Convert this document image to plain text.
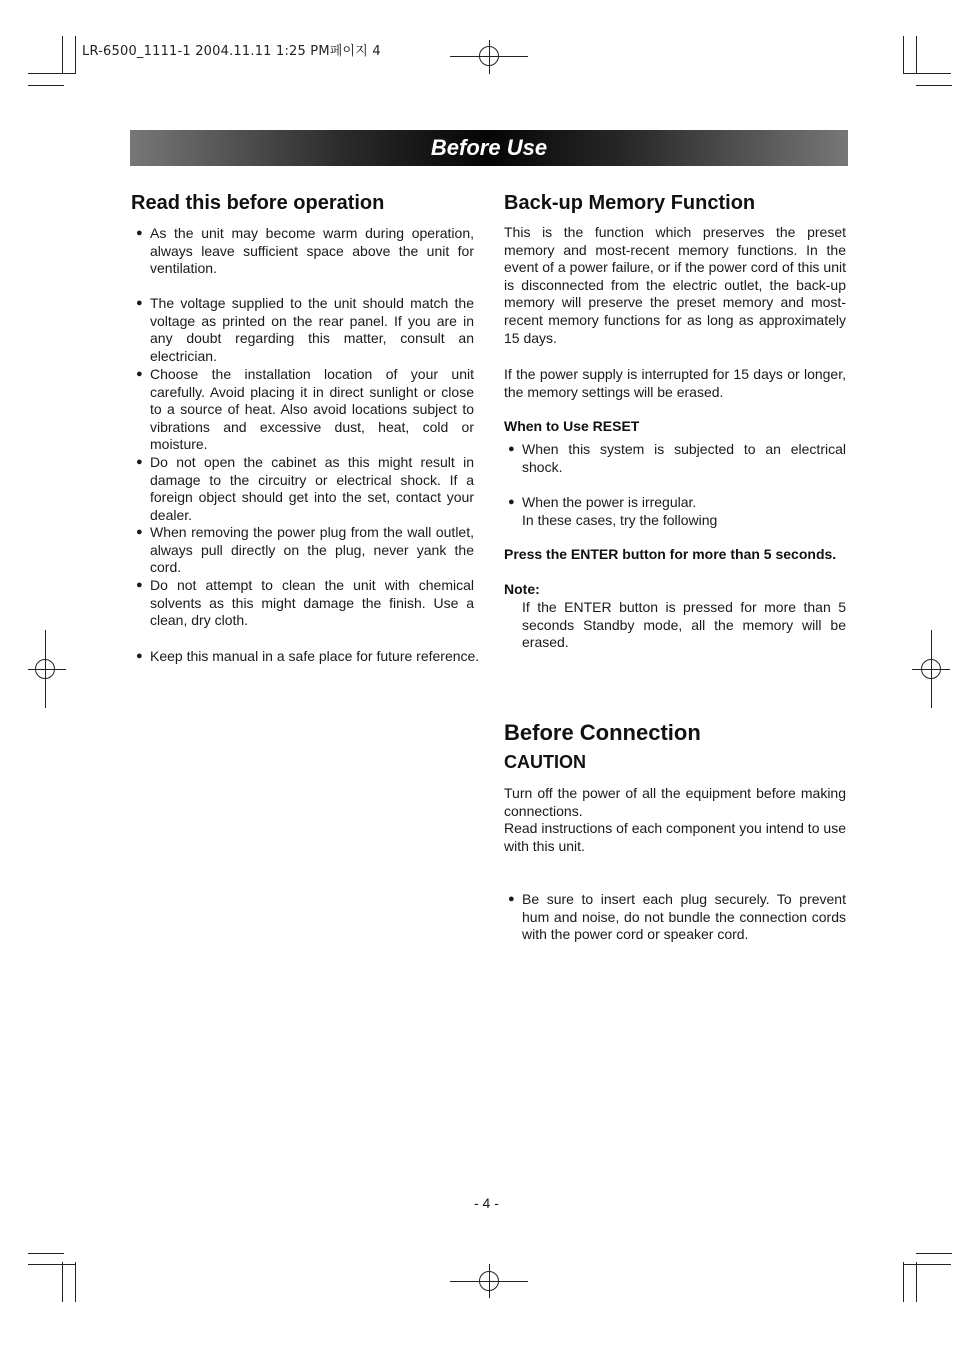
LR-6500_1111-1 2004.11.11 1:25 PM페이지 4
Before Use
Read this before operation
● As the unit may become warm during operation, always leave sufficient space above the unit for ventilation.
● The voltage supplied to the unit should match the voltage as printed on the rear panel. If you are in any doubt regarding this matter, consult an electrician.
● Choose the installation location of your unit carefully. Avoid placing it in direct sunlight or close to a source of heat. Also avoid locations subject to vibrations and excessive dust, heat, cold or moisture.
● Do not open the cabinet as this might result in damage to the circuitry or electrical shock. If a foreign object should get into the set, contact your dealer.
● When removing the power plug from the wall outlet, always pull directly on the plug, never yank the cord.
● Do not attempt to clean the unit with chemical solvents as this might damage the finish. Use a clean, dry cloth.
● Keep this manual in a safe place for future reference.
Back-up Memory Function
This is the function which preserves the preset memory and most-recent memory functions. In the event of a power failure, or if the power cord of this unit is disconnected from the electric outlet, the back-up memory will preserve the preset memory and most-recent memory functions for as long as approximately 15 days.
If the power supply is interrupted for 15 days or longer, the memory settings will be erased.
When to Use RESET
● When this system is subjected to an electrical shock.
● When the power is irregular.
In these cases, try the following
Press the ENTER button for more than 5 seconds.
Note:
If the ENTER button is pressed for more than 5 seconds Standby mode, all the memory will be erased.
Before Connection
CAUTION
Turn off the power of all the equipment before making connections.
Read instructions of each component you intend to use with this unit.
● Be sure to insert each plug securely. To prevent hum and noise, do not bundle the connection cords with the power cord or speaker cord.
- 4 -
